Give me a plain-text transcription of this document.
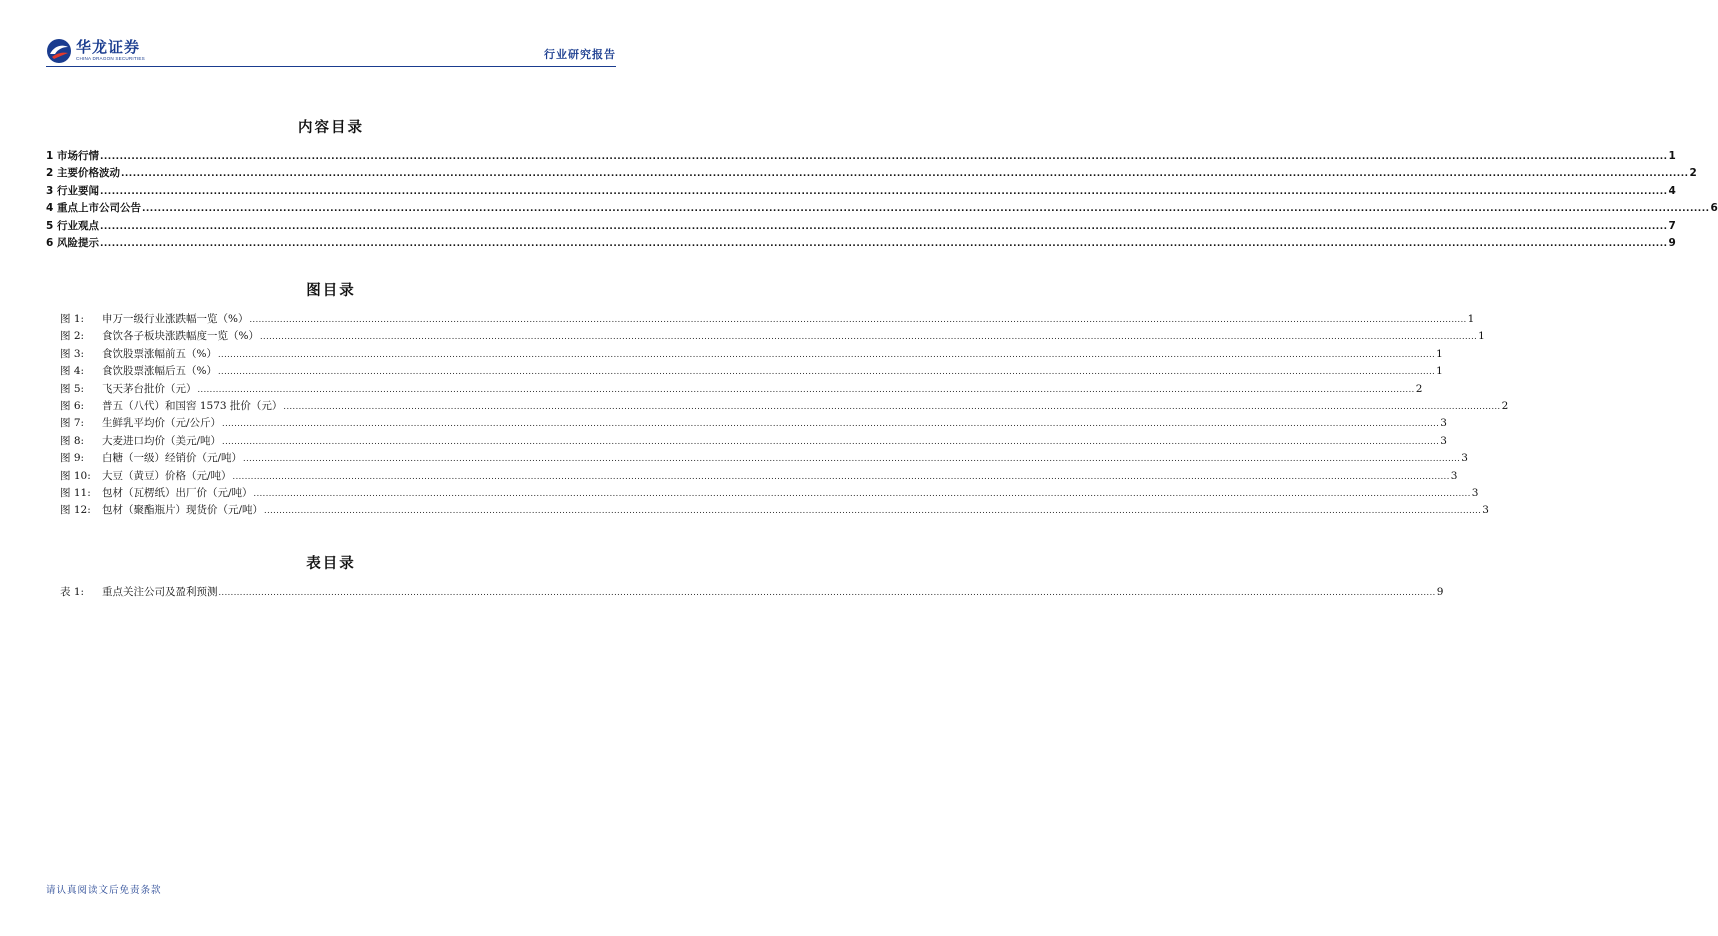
华龙证券
CHINA DRAGON SECURITIES	行业研究报告
内容目录
1 市场行情 ................................................................................................................................................................................................................................................................................................................................................................................................................ 1
2 主要价格波动 ................................................................................................................................................................................................................................................................................................................................................................................................................ 2
3 行业要闻 ................................................................................................................................................................................................................................................................................................................................................................................................................ 4
4 重点上市公司公告 ................................................................................................................................................................................................................................................................................................................................................................................................................ 6
5 行业观点 ................................................................................................................................................................................................................................................................................................................................................................................................................ 7
6 风险提示 ................................................................................................................................................................................................................................................................................................................................................................................................................ 9
图目录
图 1: 申万一级行业涨跌幅一览（%） ................................................................................................................................................................................................................................................................................................................................................................................................................ 1
图 2: 食饮各子板块涨跌幅度一览（%） ................................................................................................................................................................................................................................................................................................................................................................................................................ 1
图 3: 食饮股票涨幅前五（%） ................................................................................................................................................................................................................................................................................................................................................................................................................ 1
图 4: 食饮股票涨幅后五（%） ................................................................................................................................................................................................................................................................................................................................................................................................................ 1
图 5: 飞天茅台批价（元） ................................................................................................................................................................................................................................................................................................................................................................................................................ 2
图 6: 普五（八代）和国窖 1573 批价（元） ................................................................................................................................................................................................................................................................................................................................................................................................................ 2
图 7: 生鲜乳平均价（元/公斤） ................................................................................................................................................................................................................................................................................................................................................................................................................ 3
图 8: 大麦进口均价（美元/吨） ................................................................................................................................................................................................................................................................................................................................................................................................................ 3
图 9: 白糖（一级）经销价（元/吨） ................................................................................................................................................................................................................................................................................................................................................................................................................ 3
图 10: 大豆（黄豆）价格（元/吨） ................................................................................................................................................................................................................................................................................................................................................................................................................ 3
图 11: 包材（瓦楞纸）出厂价（元/吨） ................................................................................................................................................................................................................................................................................................................................................................................................................ 3
图 12: 包材（聚酯瓶片）现货价（元/吨） ................................................................................................................................................................................................................................................................................................................................................................................................................ 3
表目录
表 1: 重点关注公司及盈利预测 ................................................................................................................................................................................................................................................................................................................................................................................................................ 9
请认真阅读文后免责条款
